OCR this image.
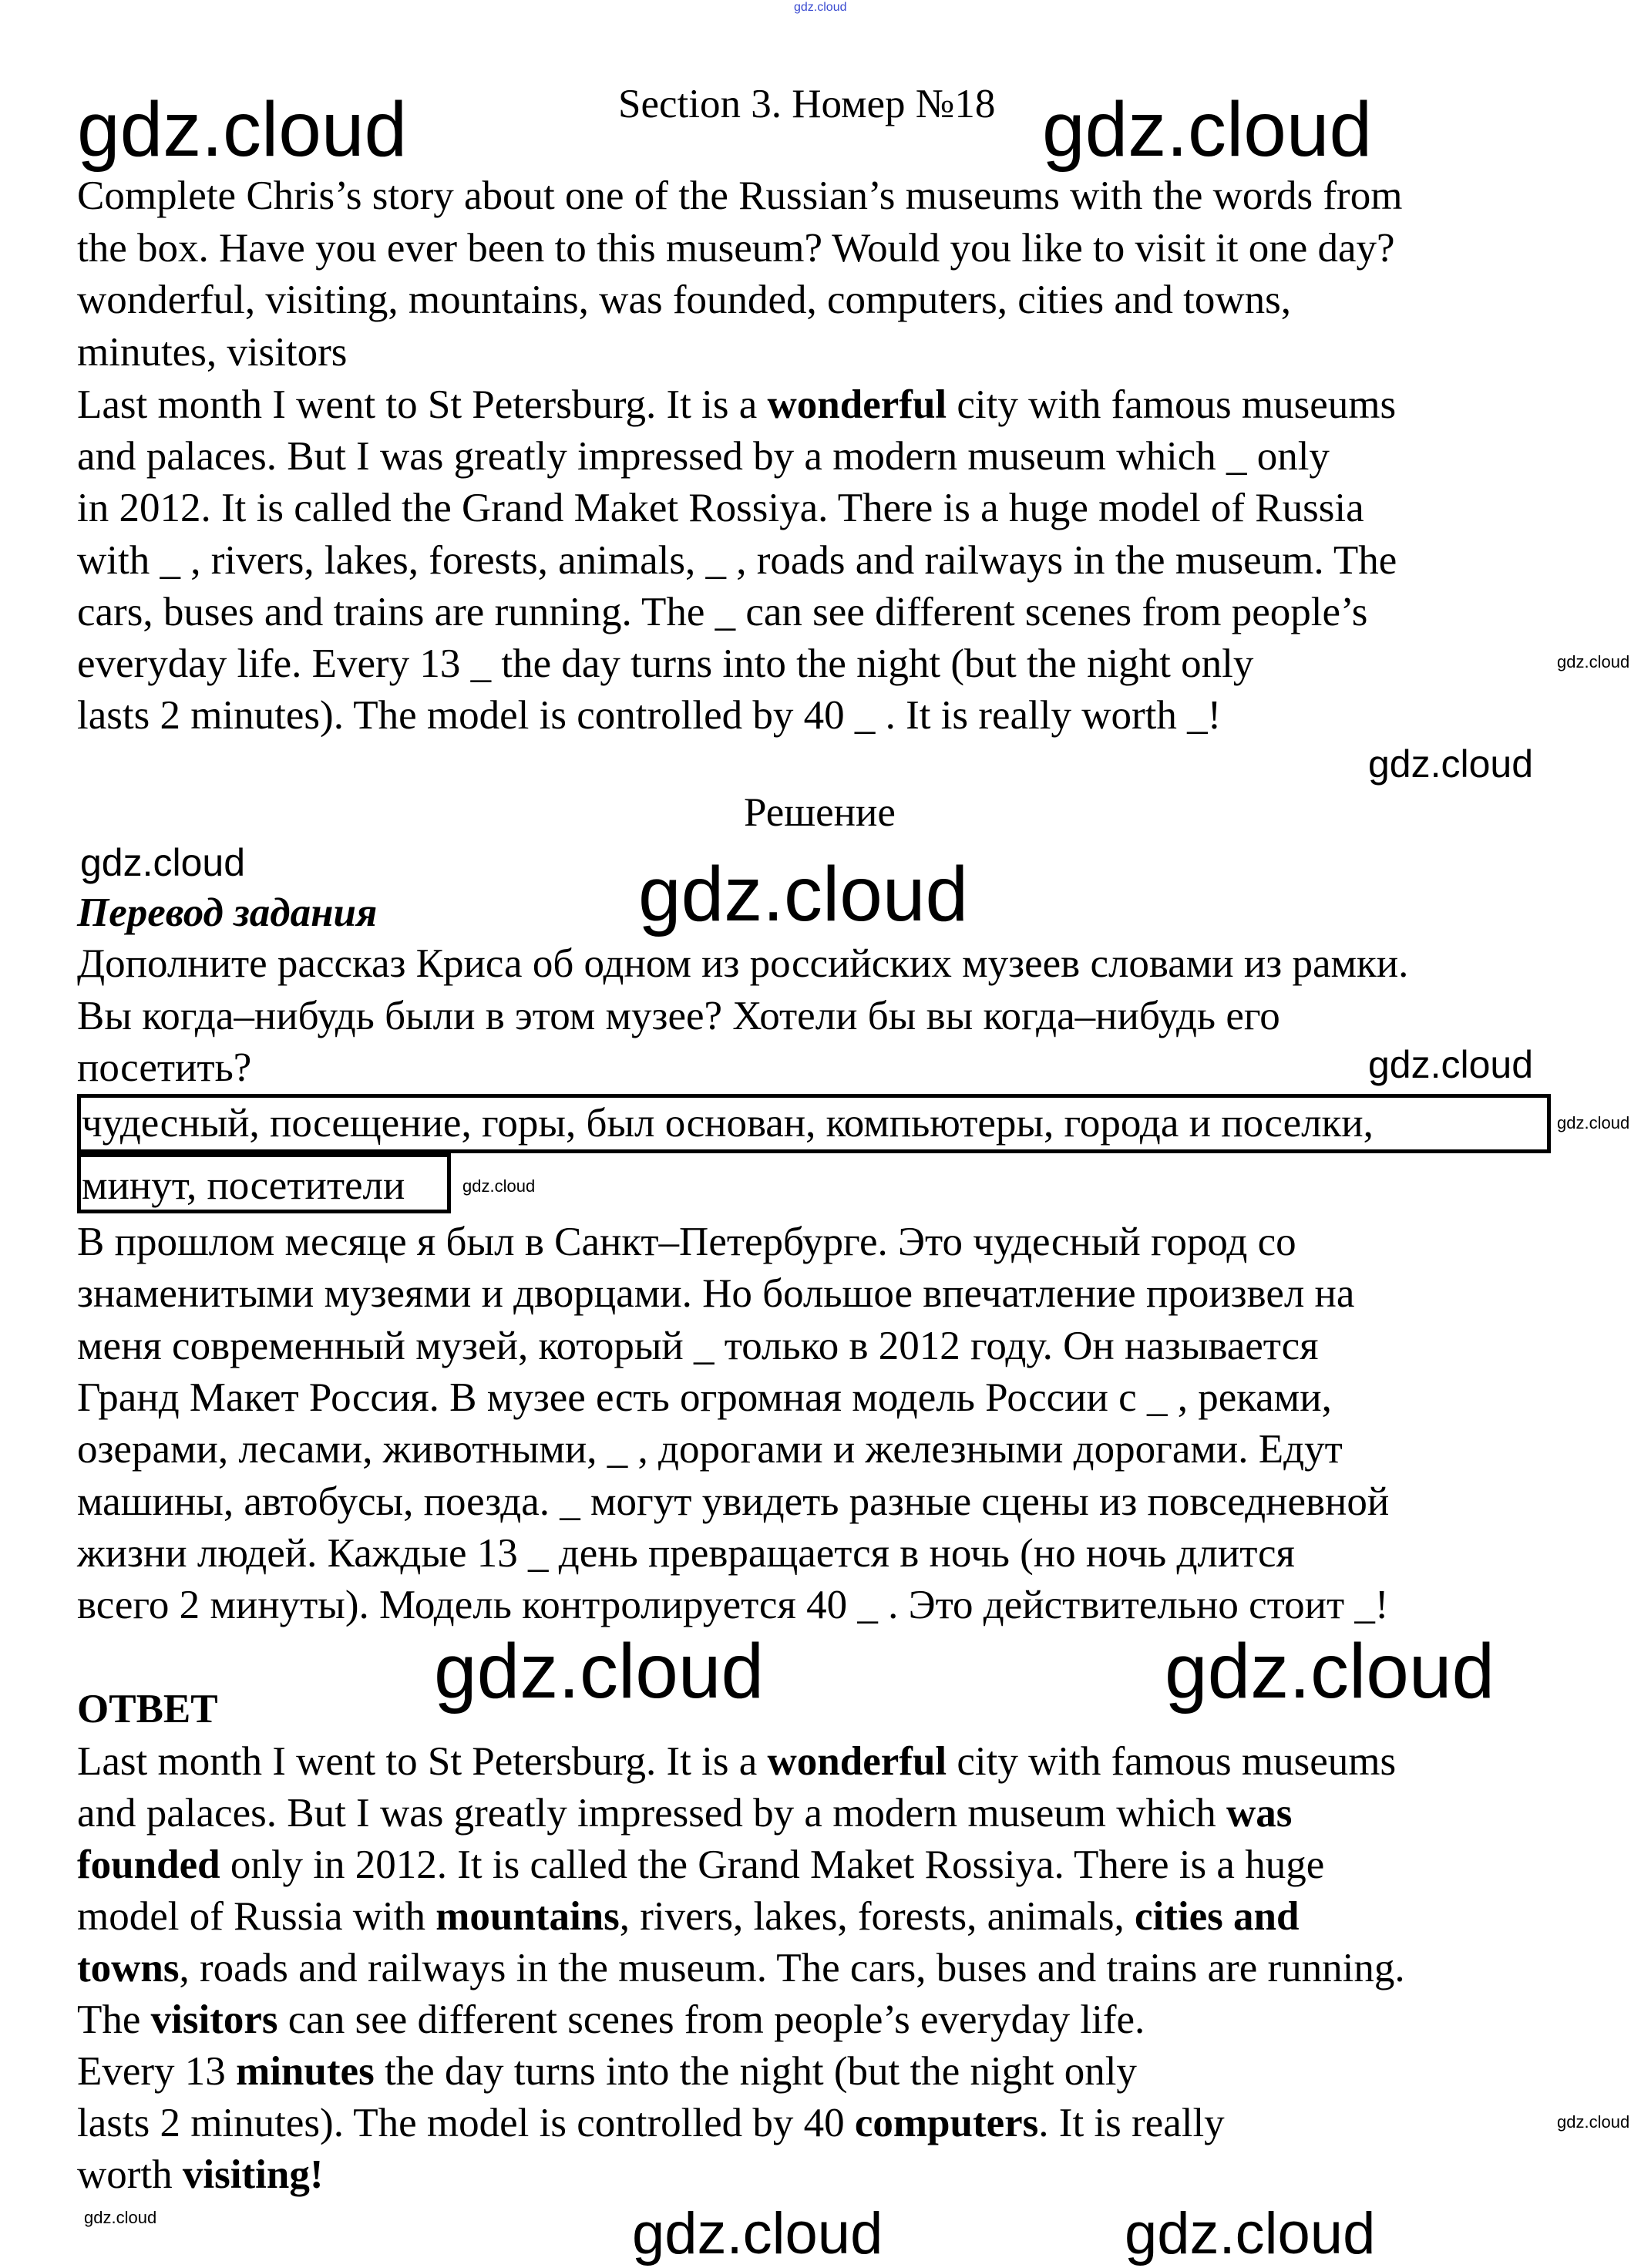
gdz.cloud
gdz.cloud	gdz.cloud
gdz.cloud
gdz.cloud
gdz.cloud	gdz.cloud
gdz.cloud
gdz.cloud
gdz.cloud
gdz.cloud	gdz.cloud
gdz.cloud
gdz.cloud	gdz.cloud	gdz.cloud
Section 3. Номер №18
Complete Chris’s story about one of the Russian’s museums with the words from
the box. Have you ever been to this museum? Would you like to visit it one day?
wonderful, visiting, mountains, was founded, computers, cities and towns,
minutes, visitors
Last month I went to St Petersburg. It is a wonderful city with famous museums
and palaces. But I was greatly impressed by a modern museum which _ only
in 2012. It is called the Grand Maket Rossiya. There is a huge model of Russia
with _ , rivers, lakes, forests, animals, _ , roads and railways in the museum. The
cars, buses and trains are running. The _ can see different scenes from people’s
everyday life. Every 13 _ the day turns into the night (but the night only
lasts 2 minutes). The model is controlled by 40 _ . It is really worth _!
Решение
Перевод задания
Дополните рассказ Криса об одном из российских музеев словами из рамки.
Вы когда–нибудь были в этом музее? Хотели бы вы когда–нибудь его
посетить?
чудесный, посещение, горы, был основан, компьютеры, города и поселки,
минут, посетители
В прошлом месяце я был в Санкт–Петербурге. Это чудесный город со
знаменитыми музеями и дворцами. Но большое впечатление произвел на
меня современный музей, который _ только в 2012 году. Он называется
Гранд Макет Россия. В музее есть огромная модель России с _ , реками,
озерами, лесами, животными, _ , дорогами и железными дорогами. Едут
машины, автобусы, поезда. _ могут увидеть разные сцены из повседневной
жизни людей. Каждые 13 _ день превращается в ночь (но ночь длится
всего 2 минуты). Модель контролируется 40 _ . Это действительно стоит _!
ОТВЕТ
Last month I went to St Petersburg. It is a wonderful city with famous museums
and palaces. But I was greatly impressed by a modern museum which was
founded only in 2012. It is called the Grand Maket Rossiya. There is a huge
model of Russia with mountains, rivers, lakes, forests, animals, cities and
towns, roads and railways in the museum. The cars, buses and trains are running.
The visitors can see different scenes from people’s everyday life.
Every 13 minutes the day turns into the night (but the night only
lasts 2 minutes). The model is controlled by 40 computers. It is really
worth visiting!
